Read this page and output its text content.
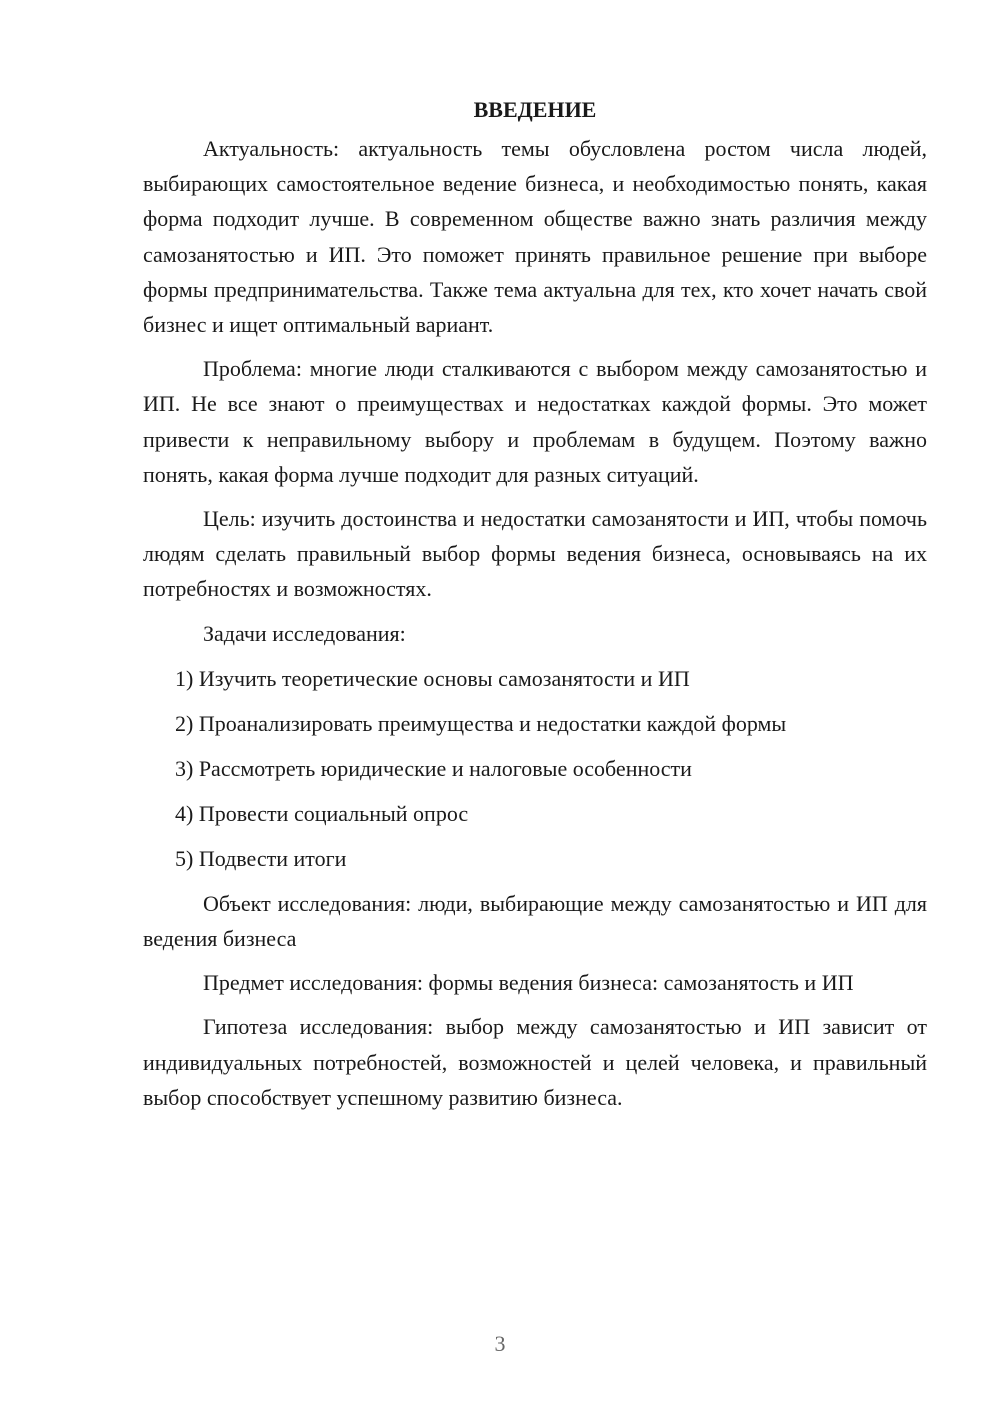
ВВЕДЕНИЕ

Актуальность: актуальность темы обусловлена ростом числа людей, выбирающих самостоятельное ведение бизнеса, и необходимостью понять, какая форма подходит лучше. В современном обществе важно знать различия между самозанятостью и ИП. Это поможет принять правильное решение при выборе формы предпринимательства. Также тема актуальна для тех, кто хочет начать свой бизнес и ищет оптимальный вариант.

Проблема: многие люди сталкиваются с выбором между самозанятостью и ИП. Не все знают о преимуществах и недостатках каждой формы. Это может привести к неправильному выбору и проблемам в будущем. Поэтому важно понять, какая форма лучше подходит для разных ситуаций.

Цель: изучить достоинства и недостатки самозанятости и ИП, чтобы помочь людям сделать правильный выбор формы ведения бизнеса, основываясь на их потребностях и возможностях.

Задачи исследования:

1) Изучить теоретические основы самозанятости и ИП
2) Проанализировать преимущества и недостатки каждой формы
3) Рассмотреть юридические и налоговые особенности
4) Провести социальный опрос
5) Подвести итоги

Объект исследования: люди, выбирающие между самозанятостью и ИП для ведения бизнеса

Предмет исследования: формы ведения бизнеса: самозанятость и ИП

Гипотеза исследования: выбор между самозанятостью и ИП зависит от индивидуальных потребностей, возможностей и целей человека, и правильный выбор способствует успешному развитию бизнеса.

3
